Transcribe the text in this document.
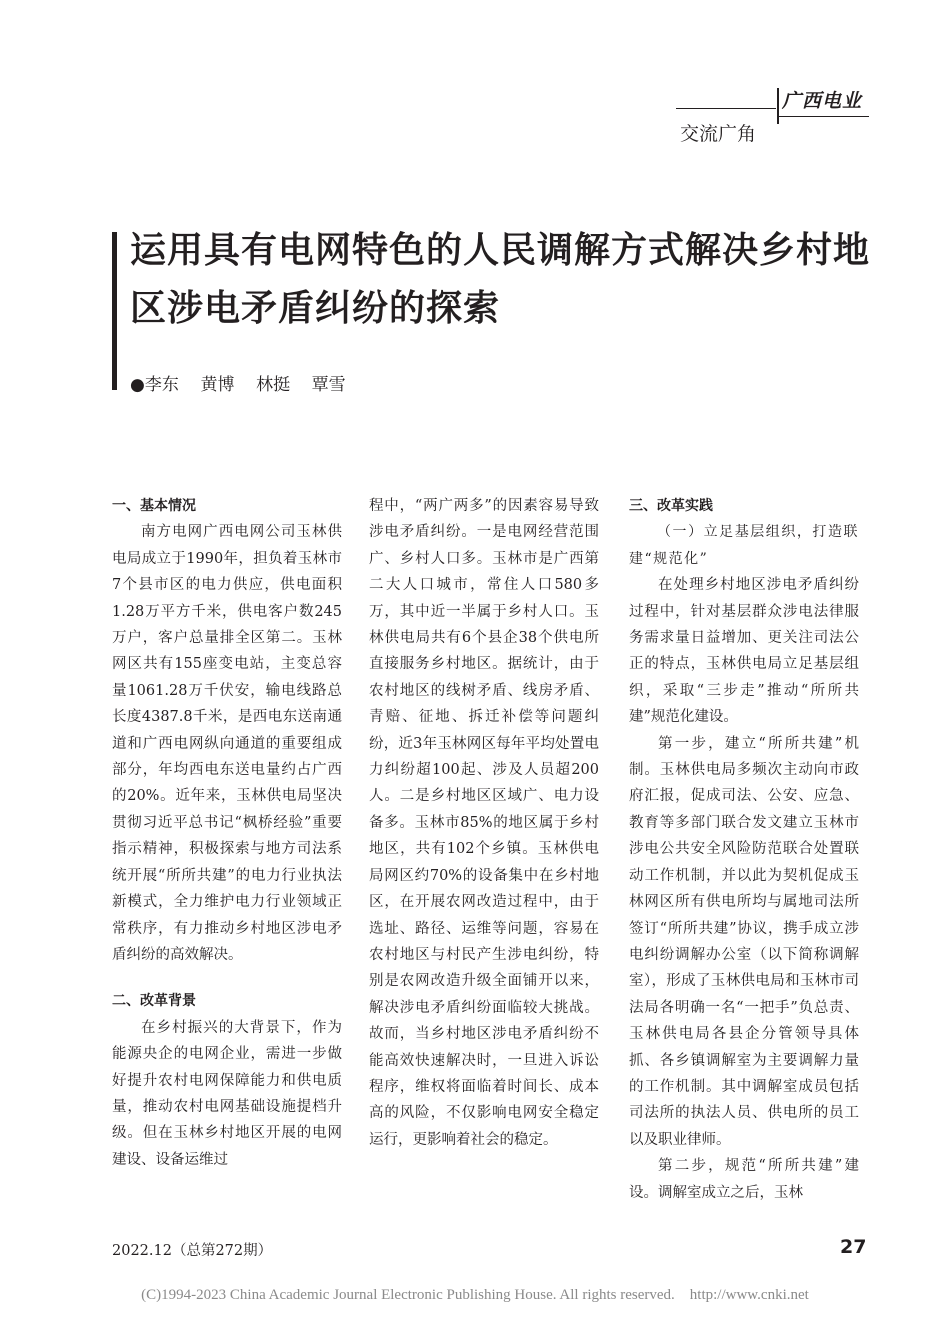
广西电业
交流广角
运用具有电网特色的人民调解方式解决乡村地区涉电矛盾纠纷的探索
●李东    黄博    林挺    覃雪
一、基本情况

南方电网广西电网公司玉林供电局成立于1990年，担负着玉林市7个县市区的电力供应，供电面积1.28万平方千米，供电客户数245万户，客户总量排全区第二。玉林网区共有155座变电站，主变总容量1061.28万千伏安，输电线路总长度4387.8千米，是西电东送南通道和广西电网纵向通道的重要组成部分，年均西电东送电量约占广西的20%。近年来，玉林供电局坚决贯彻习近平总书记“枫桥经验”重要指示精神，积极探索与地方司法系统开展“所所共建”的电力行业执法新模式，全力维护电力行业领域正常秩序，有力推动乡村地区涉电矛盾纠纷的高效解决。

二、改革背景

在乡村振兴的大背景下，作为能源央企的电网企业，需进一步做好提升农村电网保障能力和供电质量，推动农村电网基础设施提档升级。但在玉林乡村地区开展的电网建设、设备运维过

程中，“两广两多”的因素容易导致涉电矛盾纠纷。一是电网经营范围广、乡村人口多。玉林市是广西第二大人口城市，常住人口580多万，其中近一半属于乡村人口。玉林供电局共有6个县企38个供电所直接服务乡村地区。据统计，由于农村地区的线树矛盾、线房矛盾、青赔、征地、拆迁补偿等问题纠纷，近3年玉林网区每年平均处置电力纠纷超100起、涉及人员超200人。二是乡村地区区域广、电力设备多。玉林市85%的地区属于乡村地区，共有102个乡镇。玉林供电局网区约70%的设备集中在乡村地区，在开展农网改造过程中，由于选址、路径、运维等问题，容易在农村地区与村民产生涉电纠纷，特别是农网改造升级全面铺开以来，解决涉电矛盾纠纷面临较大挑战。故而，当乡村地区涉电矛盾纠纷不能高效快速解决时，一旦进入诉讼程序，维权将面临着时间长、成本高的风险，不仅影响电网安全稳定运行，更影响着社会的稳定。

三、改革实践

（一）立足基层组织，打造联建“规范化”

在处理乡村地区涉电矛盾纠纷过程中，针对基层群众涉电法律服务需求量日益增加、更关注司法公正的特点，玉林供电局立足基层组织，采取“三步走”推动“所所共建”规范化建设。

第一步，建立“所所共建”机制。玉林供电局多频次主动向市政府汇报，促成司法、公安、应急、教育等多部门联合发文建立玉林市涉电公共安全风险防范联合处置联动工作机制，并以此为契机促成玉林网区所有供电所均与属地司法所签订“所所共建”协议，携手成立涉电纠纷调解办公室（以下简称调解室），形成了玉林供电局和玉林市司法局各明确一名“一把手”负总责、玉林供电局各县企分管领导具体抓、各乡镇调解室为主要调解力量的工作机制。其中调解室成员包括司法所的执法人员、供电所的员工以及职业律师。

第二步，规范“所所共建”建设。调解室成立之后，玉林

2022.12（总第272期）	27
(C)1994-2023 China Academic Journal Electronic Publishing House. All rights reserved.    http://www.cnki.net
